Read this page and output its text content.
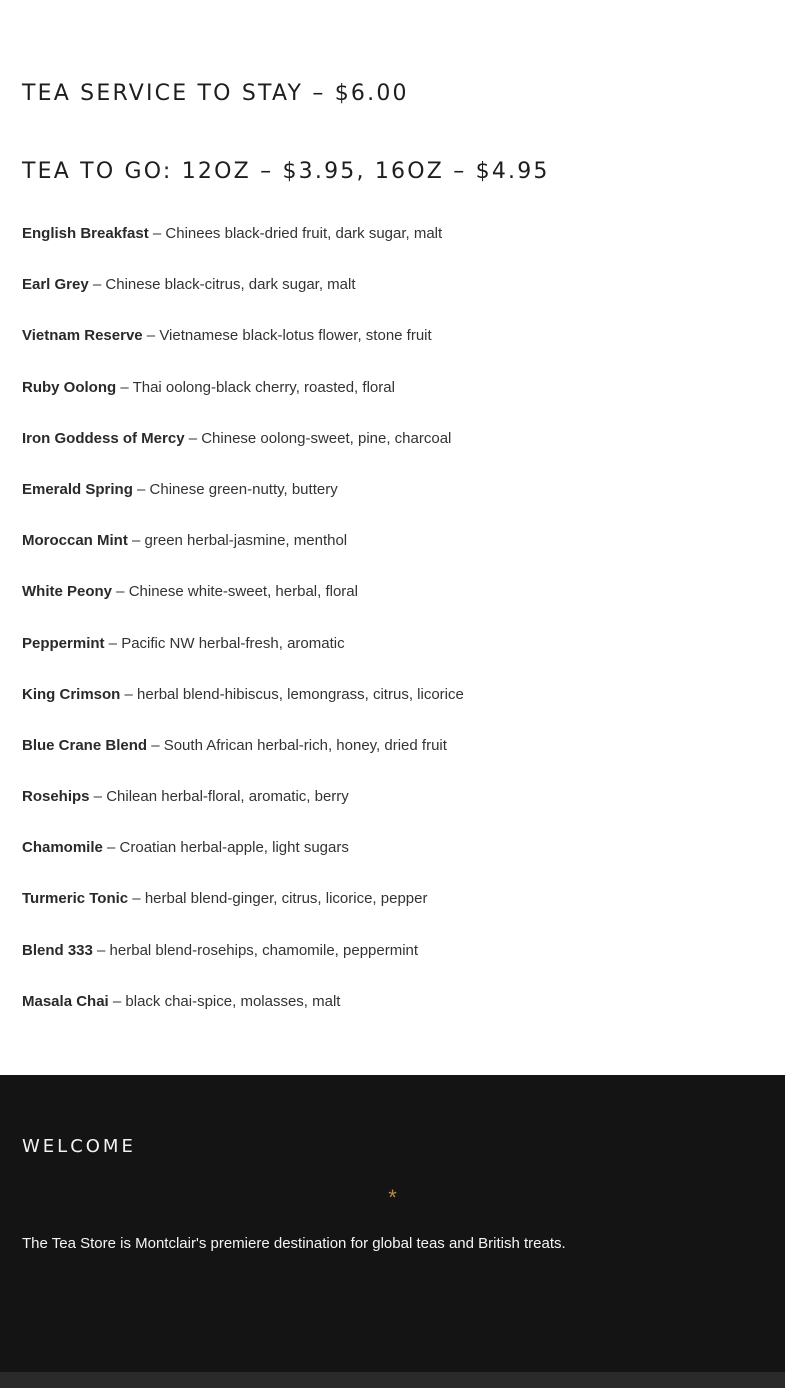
TEA SERVICE TO STAY – $6.00
TEA TO GO: 12OZ – $3.95, 16OZ – $4.95
English Breakfast – Chinees black-dried fruit, dark sugar, malt
Earl Grey – Chinese black-citrus, dark sugar, malt
Vietnam Reserve – Vietnamese black-lotus flower, stone fruit
Ruby Oolong – Thai oolong-black cherry, roasted, floral
Iron Goddess of Mercy – Chinese oolong-sweet, pine, charcoal
Emerald Spring – Chinese green-nutty, buttery
Moroccan Mint – green herbal-jasmine, menthol
White Peony – Chinese white-sweet, herbal, floral
Peppermint – Pacific NW herbal-fresh, aromatic
King Crimson – herbal blend-hibiscus, lemongrass, citrus, licorice
Blue Crane Blend – South African herbal-rich, honey, dried fruit
Rosehips – Chilean herbal-floral, aromatic, berry
Chamomile – Croatian herbal-apple, light sugars
Turmeric Tonic – herbal blend-ginger, citrus, licorice, pepper
Blend 333 – herbal blend-rosehips, chamomile, peppermint
Masala Chai – black chai-spice, molasses, malt
WELCOME
*

The Tea Store is Montclair's premiere destination for global teas and British treats.
